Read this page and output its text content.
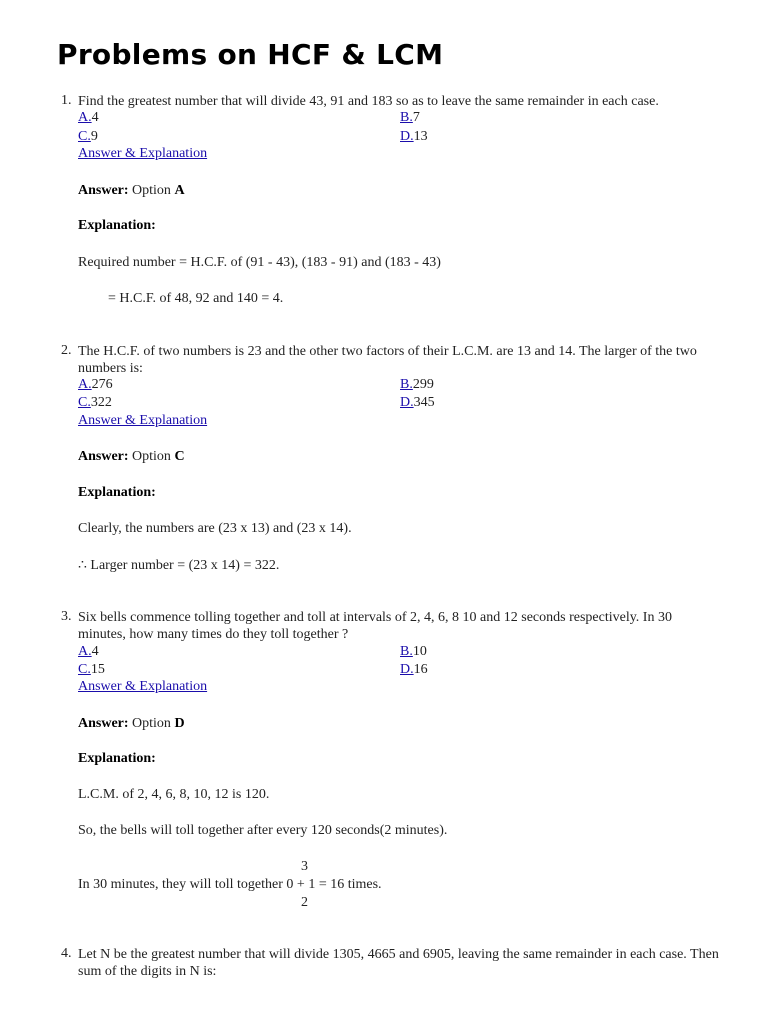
Problems on HCF & LCM
1. Find the greatest number that will divide 43, 91 and 183 so as to leave the same remainder in each case.
A.4	B.7
C.9	D.13
Answer & Explanation
Answer: Option A
Explanation:
Required number = H.C.F. of (91 - 43), (183 - 91) and (183 - 43)
= H.C.F. of 48, 92 and 140 = 4.
2. The H.C.F. of two numbers is 23 and the other two factors of their L.C.M. are 13 and 14. The larger of the two numbers is:
A.276	B.299
C.322	D.345
Answer & Explanation
Answer: Option C
Explanation:
Clearly, the numbers are (23 x 13) and (23 x 14).
∴ Larger number = (23 x 14) = 322.
3. Six bells commence tolling together and toll at intervals of 2, 4, 6, 8 10 and 12 seconds respectively. In 30 minutes, how many times do they toll together ?
A.4	B.10
C.15	D.16
Answer & Explanation
Answer: Option D
Explanation:
L.C.M. of 2, 4, 6, 8, 10, 12 is 120.
So, the bells will toll together after every 120 seconds(2 minutes).
3
In 30 minutes, they will toll together 0 + 1 = 16 times.
2
4. Let N be the greatest number that will divide 1305, 4665 and 6905, leaving the same remainder in each case. Then sum of the digits in N is:
